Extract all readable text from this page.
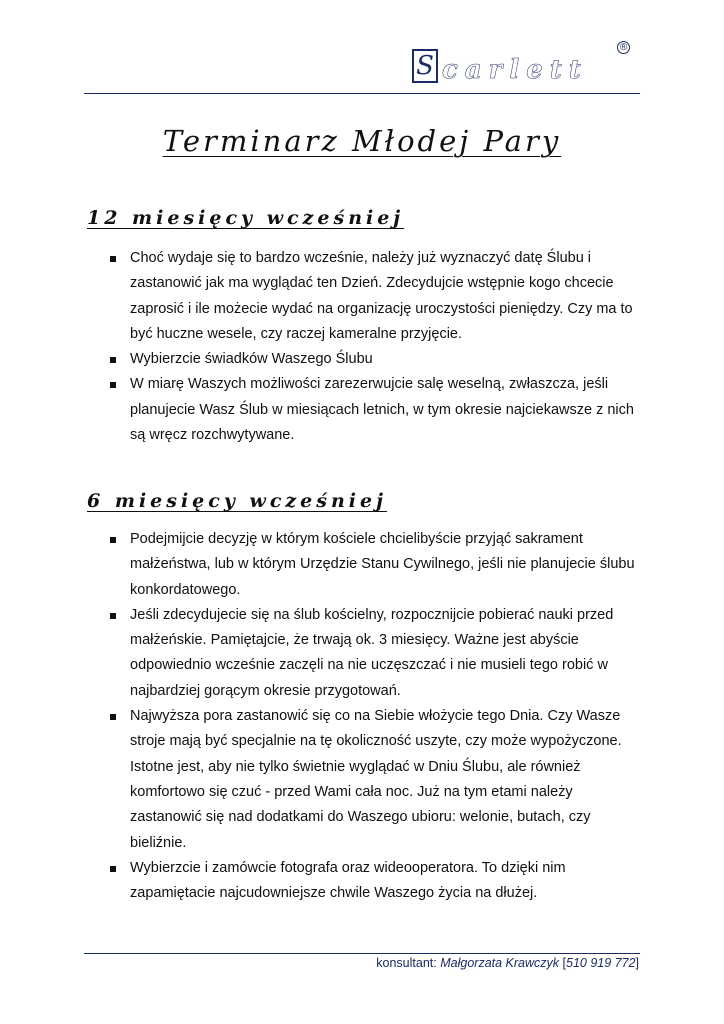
S carlett
®
Terminarz Młodej Pary
12 miesięcy wcześniej
Choć wydaje się to bardzo wcześnie, należy już wyznaczyć datę Ślubu i zastanowić jak ma wyglądać ten Dzień. Zdecydujcie wstępnie kogo chcecie zaprosić i ile możecie wydać na organizację uroczystości pieniędzy. Czy ma to być huczne wesele, czy raczej kameralne przyjęcie.
Wybierzcie świadków Waszego Ślubu
W miarę Waszych możliwości zarezerwujcie salę weselną, zwłaszcza, jeśli planujecie Wasz Ślub w miesiącach letnich, w tym okresie najciekawsze z nich są wręcz rozchwytywane.
6 miesięcy wcześniej
Podejmijcie decyzję w którym kościele chcielibyście przyjąć sakrament małżeństwa, lub w którym Urzędzie Stanu Cywilnego, jeśli nie planujecie ślubu konkordatowego.
Jeśli zdecydujecie się na ślub kościelny, rozpocznijcie pobierać nauki przed małżeńskie. Pamiętajcie, że trwają ok. 3 miesięcy. Ważne jest abyście odpowiednio wcześnie zaczęli na nie uczęszczać i nie musieli tego robić w najbardziej gorącym okresie przygotowań.
Najwyższa pora zastanowić się co na Siebie włożycie tego Dnia. Czy Wasze stroje mają być specjalnie na tę okoliczność uszyte, czy może wypożyczone. Istotne jest, aby nie tylko świetnie wyglądać w Dniu Ślubu, ale również komfortowo się czuć - przed Wami cała noc. Już na tym etami należy zastanowić się nad dodatkami do Waszego ubioru: welonie, butach, czy bieliźnie.
Wybierzcie i zamówcie fotografa oraz wideooperatora. To dzięki nim zapamiętacie najcudowniejsze chwile Waszego życia na dłużej.
konsultant: Małgorzata Krawczyk [510 919 772]
